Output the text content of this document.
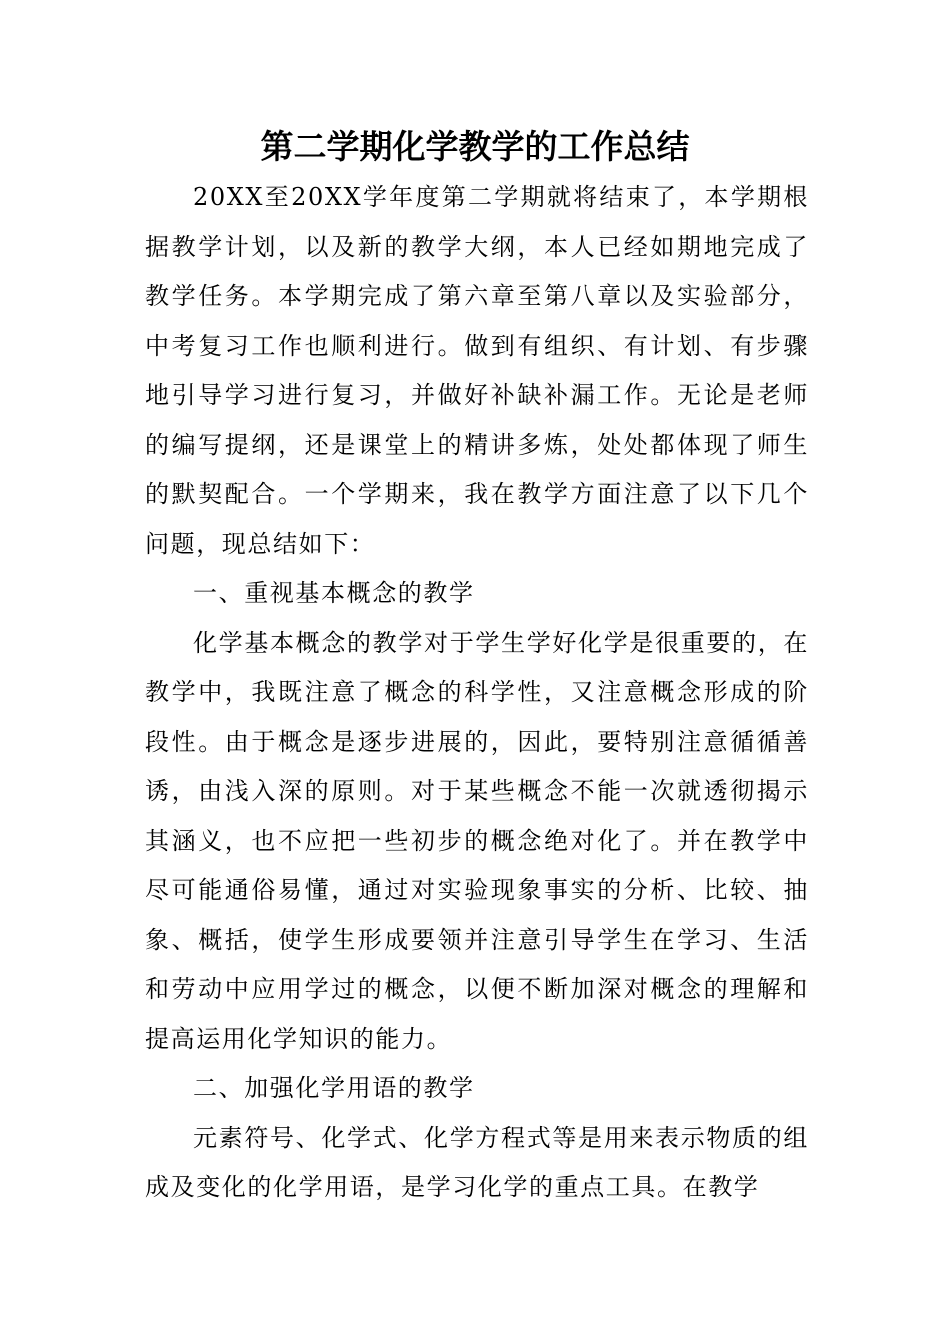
第二学期化学教学的工作总结

20XX至20XX学年度第二学期就将结束了，本学期根据教学计划，以及新的教学大纲，本人已经如期地完成了教学任务。本学期完成了第六章至第八章以及实验部分，中考复习工作也顺利进行。做到有组织、有计划、有步骤地引导学习进行复习，并做好补缺补漏工作。无论是老师的编写提纲，还是课堂上的精讲多炼，处处都体现了师生的默契配合。一个学期来，我在教学方面注意了以下几个问题，现总结如下：

一、重视基本概念的教学

化学基本概念的教学对于学生学好化学是很重要的，在教学中，我既注意了概念的科学性，又注意概念形成的阶段性。由于概念是逐步进展的，因此，要特别注意循循善诱，由浅入深的原则。对于某些概念不能一次就透彻揭示其涵义，也不应把一些初步的概念绝对化了。并在教学中尽可能通俗易懂，通过对实验现象事实的分析、比较、抽象、概括，使学生形成要领并注意引导学生在学习、生活和劳动中应用学过的概念，以便不断加深对概念的理解和提高运用化学知识的能力。

二、加强化学用语的教学

元素符号、化学式、化学方程式等是用来表示物质的组成及变化的化学用语，是学习化学的重点工具。在教学
